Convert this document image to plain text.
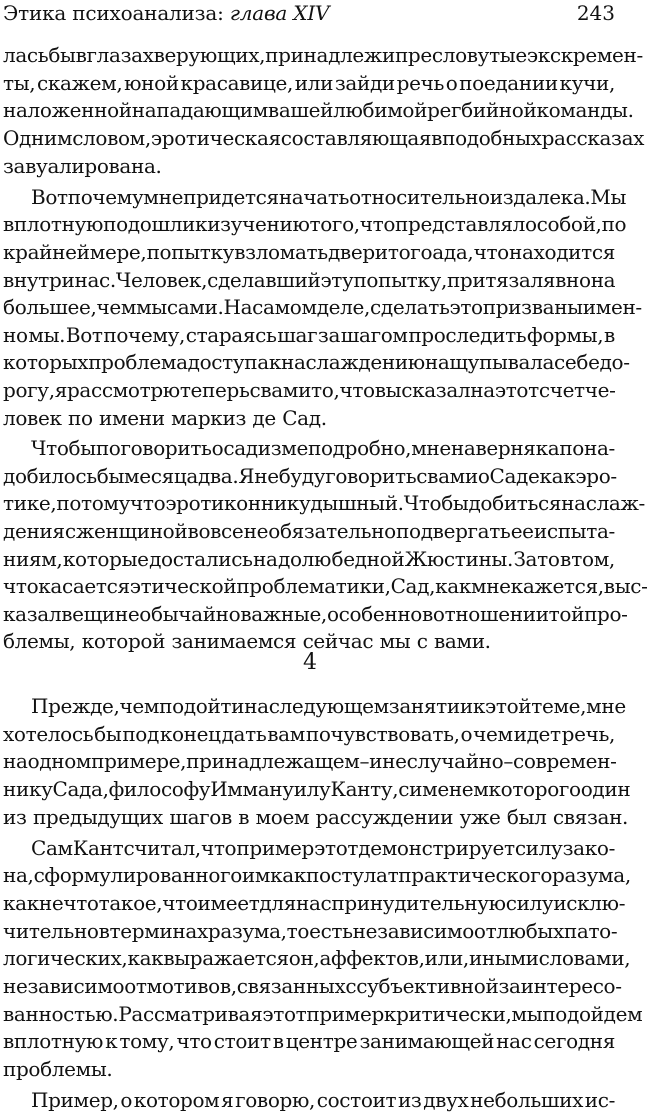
Этика психоанализа: глава XIV	243
лась бы в глазах верующих, принадлежи пресловутые экскремен-
ты, скажем, юной красавице, или зайди речь о поедании кучи,
наложенной нападающим вашей любимой регбийной команды.
Одним словом, эротическая составляющая в подобных рассказах
завуалирована.
Вот почему мне придется начать относительно издалека. Мы
вплотную подошли к изучению того, что представляло собой, по
крайней мере, попытку взломать двери того ада, что находится
внутри нас. Человек, сделавший эту попытку, притязал явно на
большее, чем мы сами. На самом деле, сделать это призваны имен-
но мы. Вот почему, стараясь шаг за шагом проследить формы, в
которых проблема доступа к наслаждению нащупывала себе до-
рогу, я рассмотрю теперь с вами то, что высказал на этот счет че-
ловек по имени маркиз де Сад.
Чтобы поговорить о садизме подробно, мне наверняка пона-
добилось бы месяца два. Я не буду говорить с вами о Саде как эро-
тике, потому что эротик он никудышный. Чтобы добиться наслаж-
дения с женщиной вовсе не обязательно подвергать ее испыта-
ниям, которые достались на долю бедной Жюстины. Зато в том,
что касается этической проблематики, Сад, как мне кажется, выс-
казал вещи необычайно важные, особенно в отношении той про-
блемы, которой занимаемся сейчас мы с вами.
Прежде, чем подойти на следующем занятии к этой теме, мне
хотелось бы под конец дать вам почувствовать, о чем идет речь,
на одном примере, принадлежащем – и не случайно – современ-
нику Сада, философу Иммануилу Канту, с именем которого один
из предыдущих шагов в моем рассуждении уже был связан.
Сам Кант считал, что пример этот демонстрирует силу зако-
на, сформулированного им как постулат практического разума,
как нечто такое, что имеет для нас принудительную силу исклю-
чительно в терминах разума, то есть независимо от любых пато-
логических, как выражается он, аффектов, или, иными словами,
независимо от мотивов, связанных с субъективной заинтересо-
ванностью. Рассматривая этот пример критически, мы подойдем
вплотную к тому, что стоит в центре занимающей нас сегодня
проблемы.
Пример, о котором я говорю, состоит из двух небольших ис-
4
